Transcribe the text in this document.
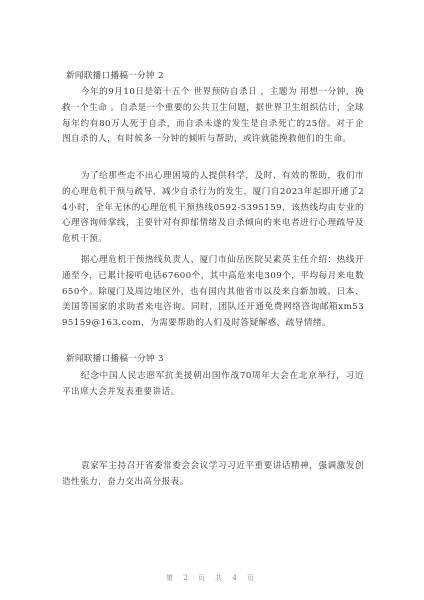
新闻联播口播稿一分钟 2

今年的9月10日是第十五个 世界预防自杀日 ，主题为 用想一分钟，挽救一个生命 。自杀是一个重要的公共卫生问题，据世界卫生组织估计，全球每年约有80万人死于自杀，而自杀未遂的发生是自杀死亡的25倍。对于企图自杀的人，有时候多一分钟的倾听与帮助，或许就能挽救他们的生命。

为了给那些走不出心理困境的人提供科学，及时、有效的帮助，我们市的心理危机干预与疏导，减少自杀行为的发生，厦门自2023年起即开通了24小时，全年无休的心理危机干预热线0592-5395159，该热线均由专业的心理咨询师掌线，主要针对有抑郁情绪及自杀倾向的来电者进行心理疏导及危机干预。

据心理危机干预热线负责人、厦门市仙岳医院吴素英主任介绍：热线开通至今，已累计接听电话67600个，其中高危来电309个，平均每月来电数650个。除厦门及周边地区外，也有国内其他省市以及来自新加坡、日本、美国等国家的求助者来电咨询。同时，团队还开通免费网络咨询邮箱xm5395159@163.com，为需要帮助的人们及时答疑解惑，疏导情绪。

新闻联播口播稿一分钟 3

纪念中国人民志愿军抗美援朝出国作战70周年大会在北京举行，习近平出席大会并发表重要讲话。

袁家军主持召开省委常委会会议学习习近平重要讲话精神，强调激发创造性张力，奋力交出高分报表。

第 2 页 共 4 页
